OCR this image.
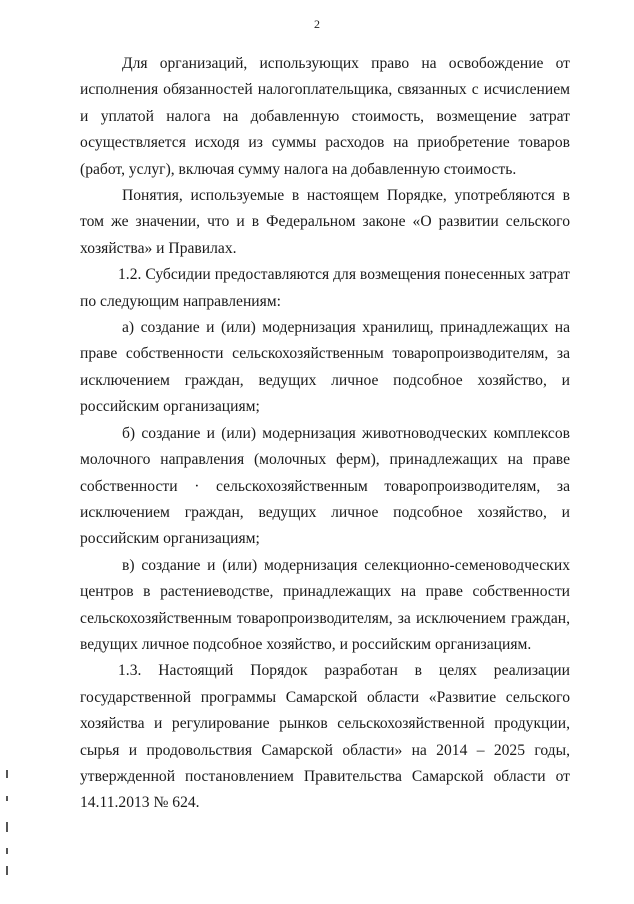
2

Для организаций, использующих право на освобождение от исполнения обязанностей налогоплательщика, связанных с исчислением и уплатой налога на добавленную стоимость, возмещение затрат осуществляется исходя из суммы расходов на приобретение товаров (работ, услуг), включая сумму налога на добавленную стоимость.

Понятия, используемые в настоящем Порядке, употребляются в том же значении, что и в Федеральном законе «О развитии сельского хозяйства» и Правилах.

1.2. Субсидии предоставляются для возмещения понесенных затрат по следующим направлениям:

а) создание и (или) модернизация хранилищ, принадлежащих на праве собственности сельскохозяйственным товаропроизводителям, за исключением граждан, ведущих личное подсобное хозяйство, и российским организациям;

б) создание и (или) модернизация животноводческих комплексов молочного направления (молочных ферм), принадлежащих на праве собственности · сельскохозяйственным товаропроизводителям, за исключением граждан, ведущих личное подсобное хозяйство, и российским организациям;

в) создание и (или) модернизация селекционно-семеноводческих центров в растениеводстве, принадлежащих на праве собственности сельскохозяйственным товаропроизводителям, за исключением граждан, ведущих личное подсобное хозяйство, и российским организациям.

1.3. Настоящий Порядок разработан в целях реализации государственной программы Самарской области «Развитие сельского хозяйства и регулирование рынков сельскохозяйственной продукции, сырья и продовольствия Самарской области» на 2014 – 2025 годы, утвержденной постановлением Правительства Самарской области от 14.11.2013 № 624.
